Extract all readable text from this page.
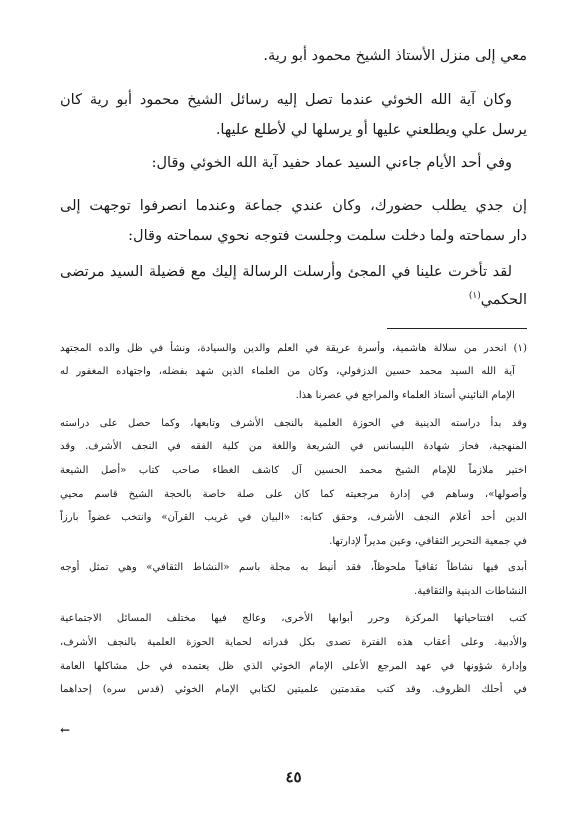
معي إلى منزل الأستاذ الشيخ محمود أبو رية.
وكان آية الله الخوئي عندما تصل إليه رسائل الشيخ محمود أبو رية كان
يرسل علي ويطلعني عليها أو يرسلها لي لأطلع عليها.
وفي أحد الأيام جاءني السيد عماد حفيد آية الله الخوئي وقال:
إن جدي يطلب حضورك، وكان عندي جماعة وعندما انصرفوا توجهت إلى
دار سماحته ولما دخلت سلمت وجلست فتوجه نحوي سماحته وقال:
لقد تأخرت علينا في المجئ وأرسلت الرسالة إليك مع فضيلة السيد مرتضى
الحكمي$^{(١)}$
(١) انحدر من سلالة هاشمية، وأسرة عريقة في العلم والدين والسيادة، ونشأ في ظل والده المجتهد
آية الله السيد محمد حسين الدزفولي، وكان من العلماء الذين شهد بفضله، واجتهاده المغفور له
الإمام النائيني أستاذ العلماء والمراجع في عصرنا هذا.
وقد بدأ دراسته الدينية في الحوزة العلمية بالنجف الأشرف وتابعها، وكما حصل على دراسته
المنهجية، فحاز شهادة الليسانس في الشريعة واللغة من كلية الفقه في النجف الأشرف. وقد
اختير ملازماً للإمام الشيخ محمد الحسين آل كاشف الغطاء صاحب كتاب «أصل الشيعة
وأصولها»، وساهم في إدارة مرجعيته كما كان على صلة خاصة بالحجة الشيخ قاسم محيي
الدين أحد أعلام النجف الأشرف، وحقق كتابه: «البيان في غريب القرآن» وانتخب عضواً بارزاً
في جمعية التحرير الثقافي، وعين مديراً لإدارتها.
أبدى فيها نشاطاً ثقافياً ملحوظاً، فقد أنيط به مجلة باسم «النشاط الثقافي» وهي تمثل أوجه
النشاطات الدينية والثقافية.
كتب افتتاحياتها المركزة وحرر أبوابها الأخرى، وعالج فيها مختلف المسائل الاجتماعية
والأدبية. وعلى أعقاب هذه الفترة تصدى بكل قدراته لحماية الحوزة العلمية بالنجف الأشرف،
وإدارة شؤونها في عهد المرجع الأعلى الإمام الخوئي الذي ظل يعتمده في حل مشاكلها العامة
في أحلك الظروف. وقد كتب مقدمتين علميتين لكتابي الإمام الخوئي (قدس سره) إحداهما
←
٤٥
